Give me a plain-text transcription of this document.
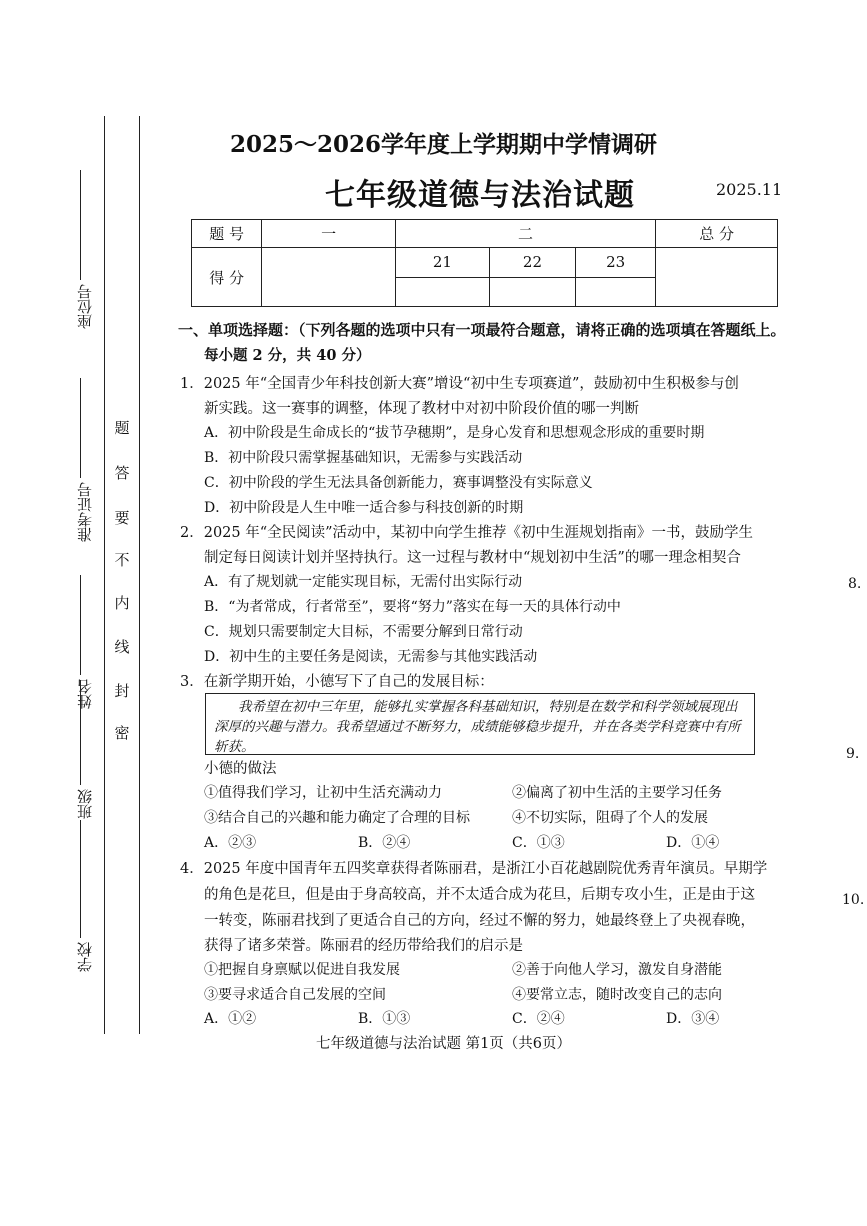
座位号
准考证号
姓名
班级
学校
题
答
要
不
内
线
封
密
2025～2026学年度上学期期中学情调研
七年级道德与法治试题	2025.11
题 号	一	二			总 分
得 分		21	22	23	

一、单项选择题：（下列各题的选项中只有一项最符合题意，请将正确的选项填在答题纸上。
每小题 2 分，共 40 分）
1．2025 年“全国青少年科技创新大赛”增设“初中生专项赛道”，鼓励初中生积极参与创
新实践。这一赛事的调整，体现了教材中对初中阶段价值的哪一判断
A．初中阶段是生命成长的“拔节孕穗期”，是身心发育和思想观念形成的重要时期
B．初中阶段只需掌握基础知识，无需参与实践活动
C．初中阶段的学生无法具备创新能力，赛事调整没有实际意义
D．初中阶段是人生中唯一适合参与科技创新的时期
2．2025 年“全民阅读”活动中，某初中向学生推荐《初中生涯规划指南》一书，鼓励学生
制定每日阅读计划并坚持执行。这一过程与教材中“规划初中生活”的哪一理念相契合
A．有了规划就一定能实现目标，无需付出实际行动
B．“为者常成，行者常至”，要将“努力”落实在每一天的具体行动中
C．规划只需要制定大目标，不需要分解到日常行动
D．初中生的主要任务是阅读，无需参与其他实践活动
3．在新学期开始，小德写下了自己的发展目标：
我希望在初中三年里，能够扎实掌握各科基础知识，特别是在数学和科学领域展现出深厚的兴趣与潜力。我希望通过不断努力，成绩能够稳步提升，并在各类学科竞赛中有所斩获。
小德的做法
①值得我们学习，让初中生活充满动力	②偏离了初中生活的主要学习任务
③结合自己的兴趣和能力确定了合理的目标	④不切实际，阻碍了个人的发展
A．②③	B．②④	C．①③	D．①④
4．2025 年度中国青年五四奖章获得者陈丽君，是浙江小百花越剧院优秀青年演员。早期学
的角色是花旦，但是由于身高较高，并不太适合成为花旦，后期专攻小生，正是由于这
一转变，陈丽君找到了更适合自己的方向，经过不懈的努力，她最终登上了央视春晚，
获得了诸多荣誉。陈丽君的经历带给我们的启示是
①把握自身禀赋以促进自我发展	②善于向他人学习，激发自身潜能
③要寻求适合自己发展的空间	④要常立志，随时改变自己的志向
A．①②	B．①③	C．②④	D．③④
七年级道德与法治试题 第1页（共6页）
8.
9.
10.
